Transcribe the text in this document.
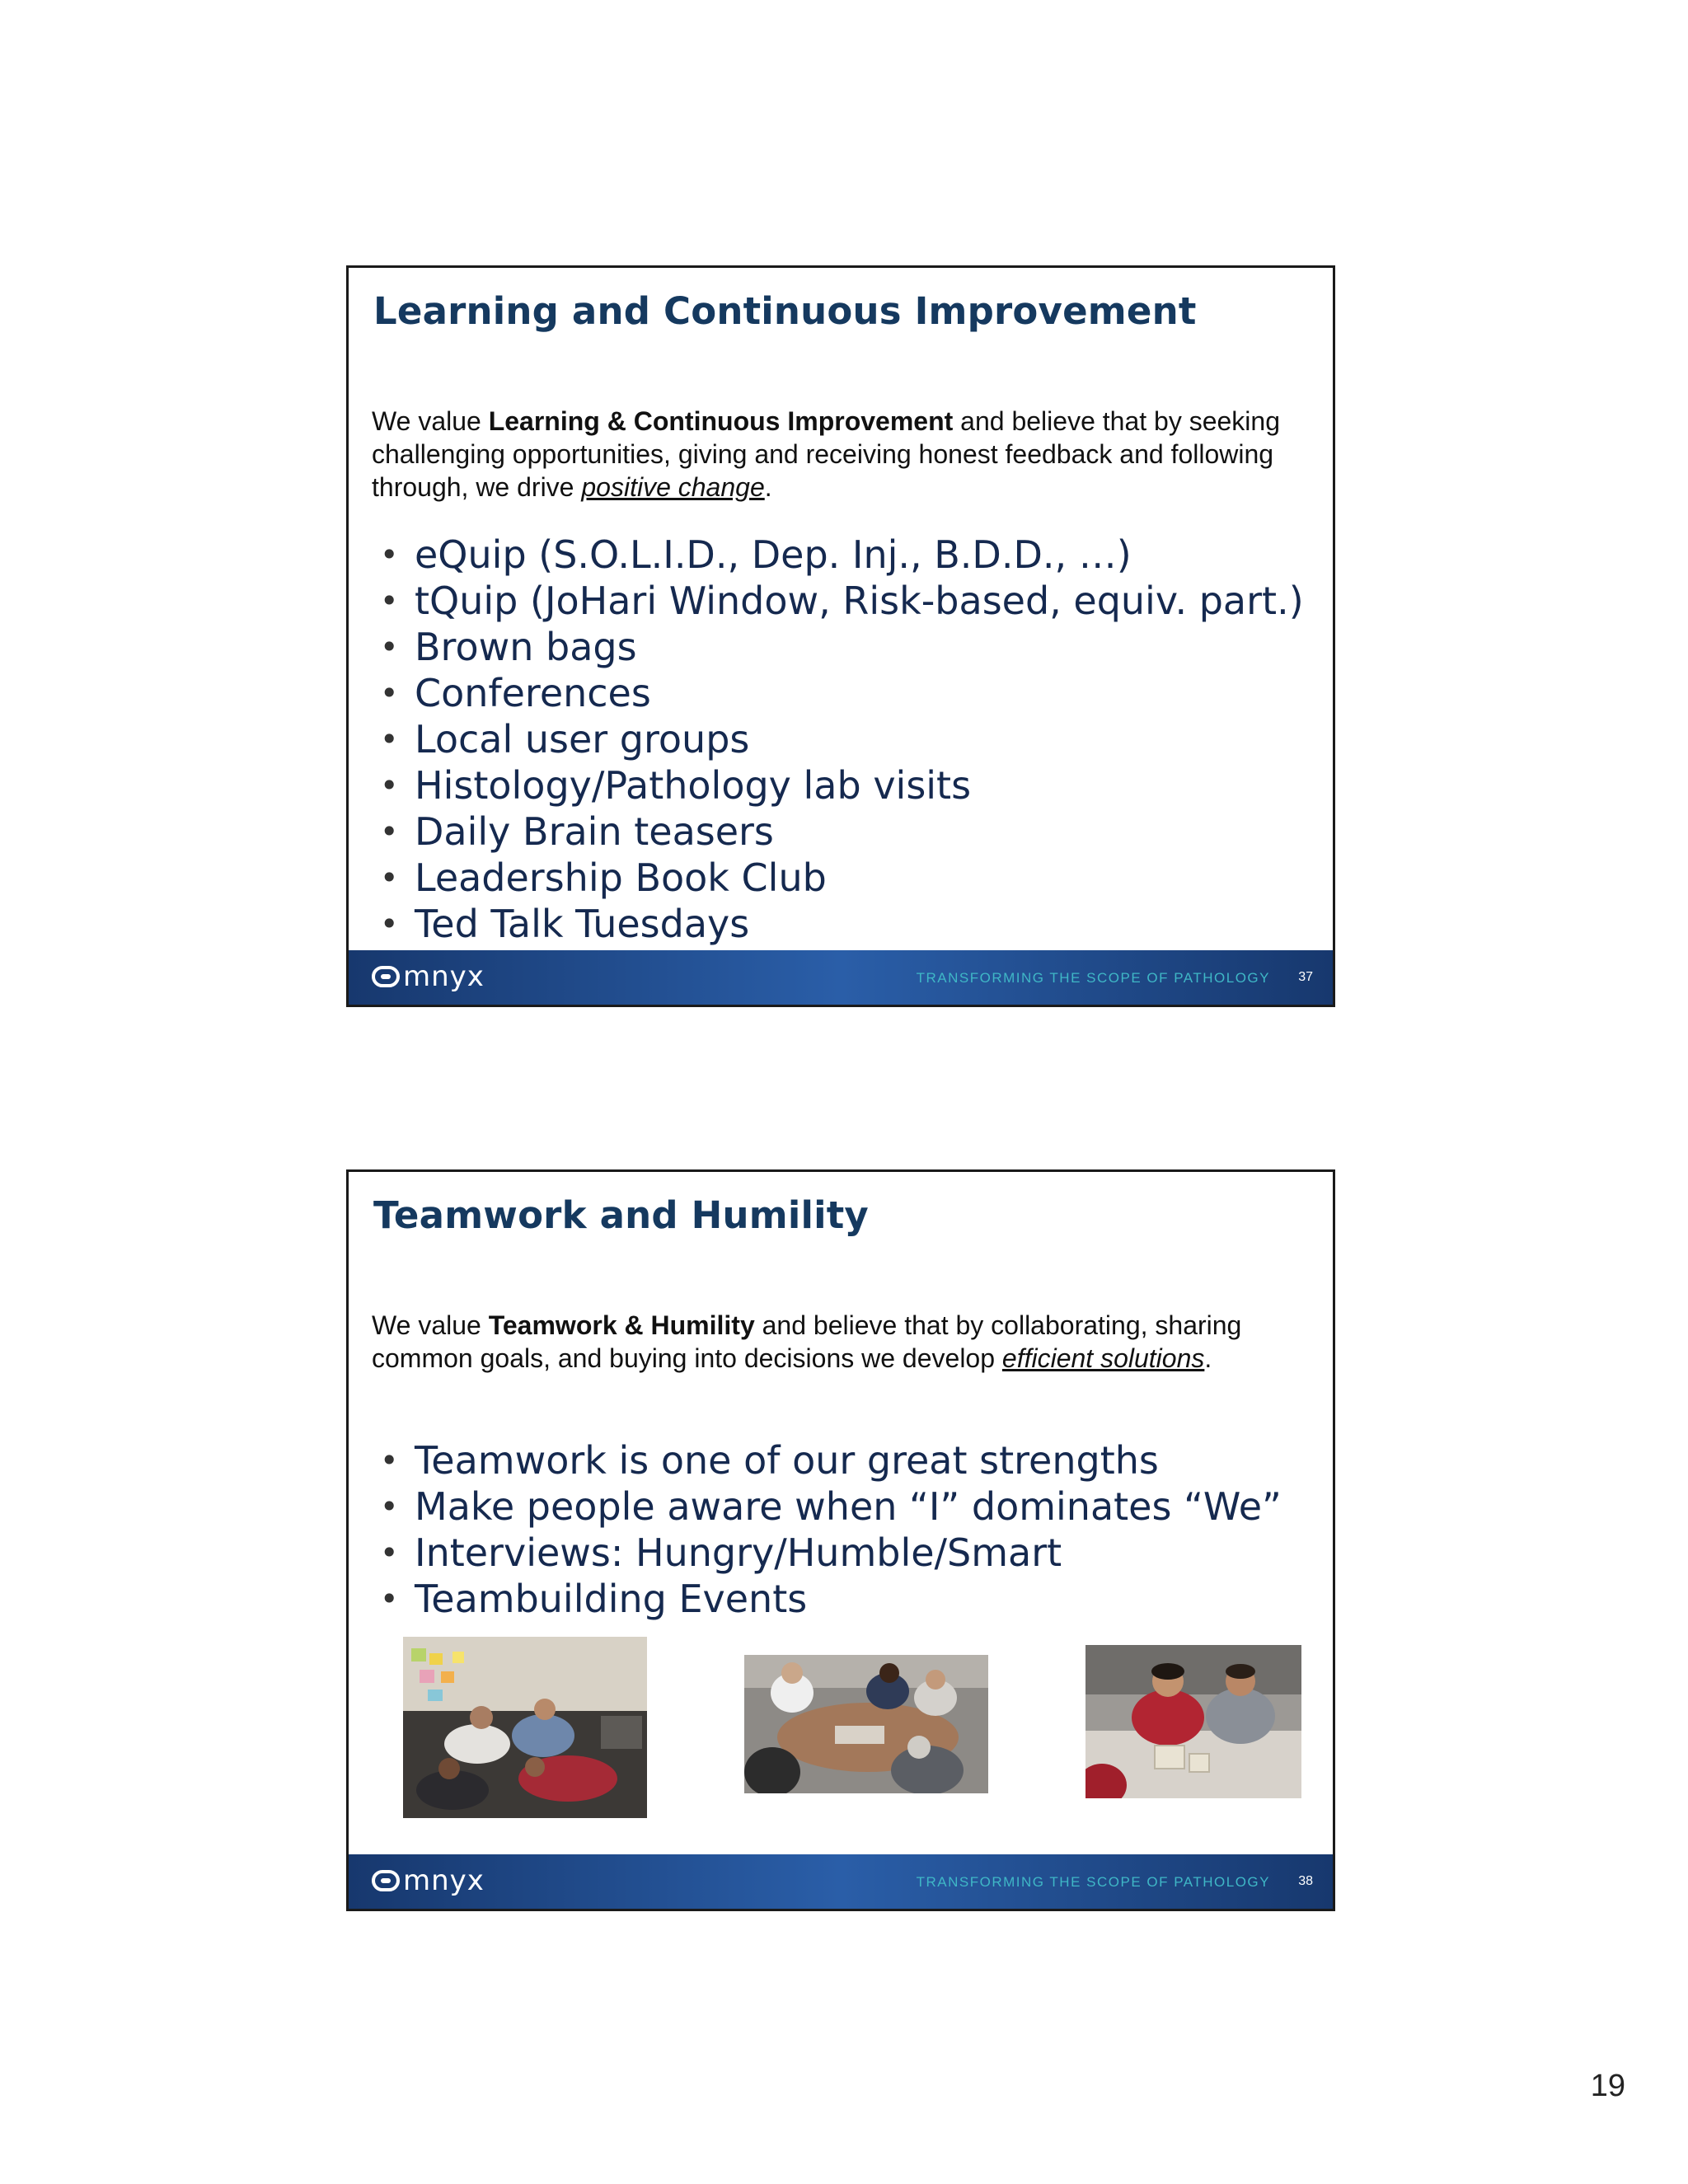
Learning and Continuous Improvement
We value Learning & Continuous Improvement and believe that by seeking challenging opportunities, giving and receiving honest feedback and following through, we drive positive change.
• eQuip (S.O.L.I.D., Dep. Inj., B.D.D., …)
• tQuip (JoHari Window, Risk-based, equiv. part.)
• Brown bags
• Conferences
• Local user groups
• Histology/Pathology lab visits
• Daily Brain teasers
• Leadership Book Club
• Ted Talk Tuesdays
mnyx	TRANSFORMING THE SCOPE OF PATHOLOGY 37
Teamwork and Humility
We value Teamwork & Humility and believe that by collaborating, sharing common goals, and buying into decisions we develop efficient solutions.
• Teamwork is one of our great strengths
• Make people aware when “I” dominates “We”
• Interviews: Hungry/Humble/Smart
• Teambuilding Events
mnyx	TRANSFORMING THE SCOPE OF PATHOLOGY 38
19
